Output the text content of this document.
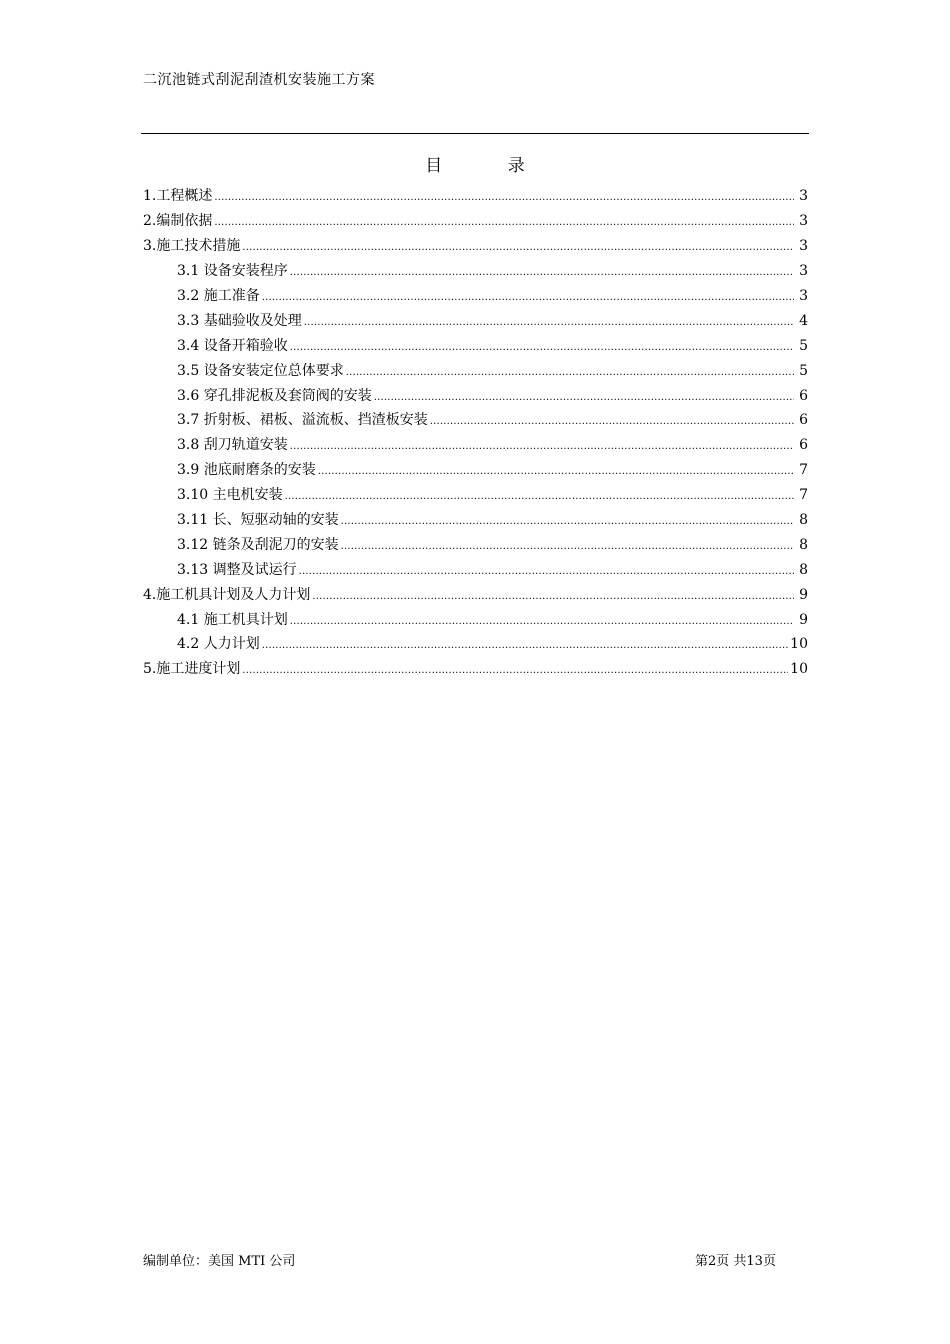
二沉池链式刮泥刮渣机安装施工方案
目 录
1.工程概述 .....	3
2.编制依据 .....	3
3.施工技术措施 .....	3
3.1 设备安装程序 .....	3
3.2 施工准备 .....	3
3.3 基础验收及处理 .....	4
3.4 设备开箱验收 .....	5
3.5 设备安装定位总体要求 .....	5
3.6 穿孔排泥板及套筒阀的安装 .....	6
3.7 折射板、裙板、溢流板、挡渣板安装 .....	6
3.8 刮刀轨道安装 .....	6
3.9 池底耐磨条的安装 .....	7
3.10 主电机安装 .....	7
3.11 长、短驱动轴的安装 .....	8
3.12 链条及刮泥刀的安装 .....	8
3.13 调整及试运行 .....	8
4.施工机具计划及人力计划 .....	9
4.1 施工机具计划 .....	9
4.2 人力计划 .....	10
5.施工进度计划 .....	10
编制单位：美国 MTI 公司	第2页 共13页
